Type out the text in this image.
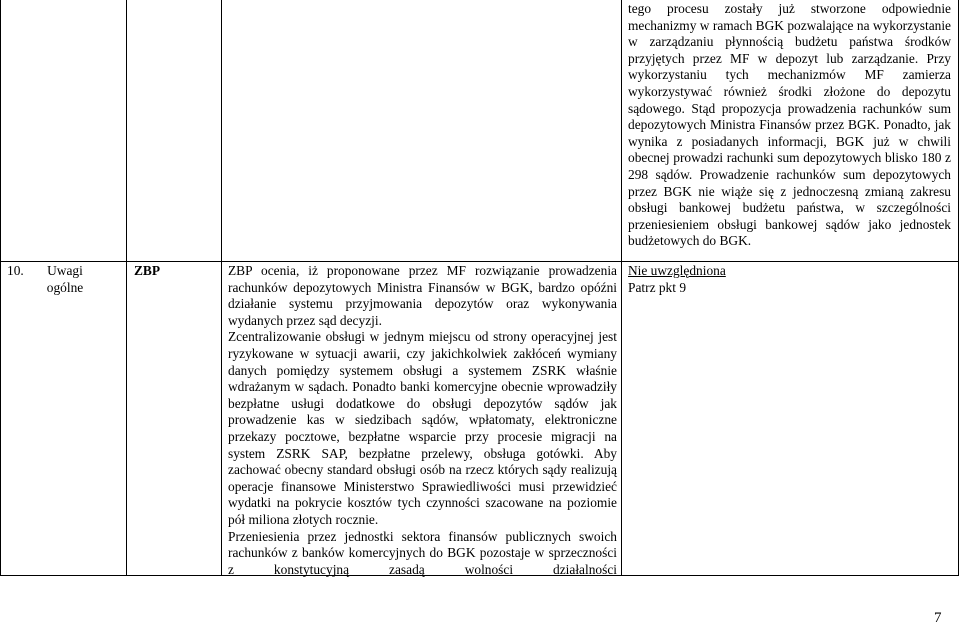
10.	Uwagi ogólne
ZBP	ZBP ocenia, iż proponowane przez MF rozwiązanie prowadzenia rachunków depozytowych Ministra Finansów w BGK, bardzo opóźni działanie systemu przyjmowania depozytów oraz wykonywania wydanych przez sąd decyzji.

Zcentralizowanie obsługi w jednym miejscu od strony operacyjnej jest ryzykowane w sytuacji awarii, czy jakichkolwiek zakłóceń wymiany danych pomiędzy systemem obsługi a systemem ZSRK właśnie wdrażanym w sądach. Ponadto banki komercyjne obecnie wprowadziły bezpłatne usługi dodatkowe do obsługi depozytów sądów jak prowadzenie kas w siedzibach sądów, wpłatomaty, elektroniczne przekazy pocztowe, bezpłatne wsparcie przy procesie migracji na system ZSRK SAP, bezpłatne przelewy, obsługa gotówki. Aby zachować obecny standard obsługi osób na rzecz których sądy realizują operacje finansowe Ministerstwo Sprawiedliwości musi przewidzieć wydatki na pokrycie kosztów tych czynności szacowane na poziomie pół miliona złotych rocznie.

Przeniesienia przez jednostki sektora finansów publicznych swoich rachunków z banków komercyjnych do BGK pozostaje w sprzeczności z konstytucyjną zasadą wolności działalności

tego procesu zostały już stworzone odpowiednie mechanizmy w ramach BGK pozwalające na wykorzystanie w zarządzaniu płynnością budżetu państwa środków przyjętych przez MF w depozyt lub zarządzanie. Przy wykorzystaniu tych mechanizmów MF zamierza wykorzystywać również środki złożone do depozytu sądowego. Stąd propozycja prowadzenia rachunków sum depozytowych Ministra Finansów przez BGK. Ponadto, jak wynika z posiadanych informacji, BGK już w chwili obecnej prowadzi rachunki sum depozytowych blisko 180 z 298 sądów. Prowadzenie rachunków sum depozytowych przez BGK nie wiąże się z jednoczesną zmianą zakresu obsługi bankowej budżetu państwa, w szczególności przeniesieniem obsługi bankowej sądów jako jednostek budżetowych do BGK.

Nie uwzględniona
Patrz pkt 9
7
